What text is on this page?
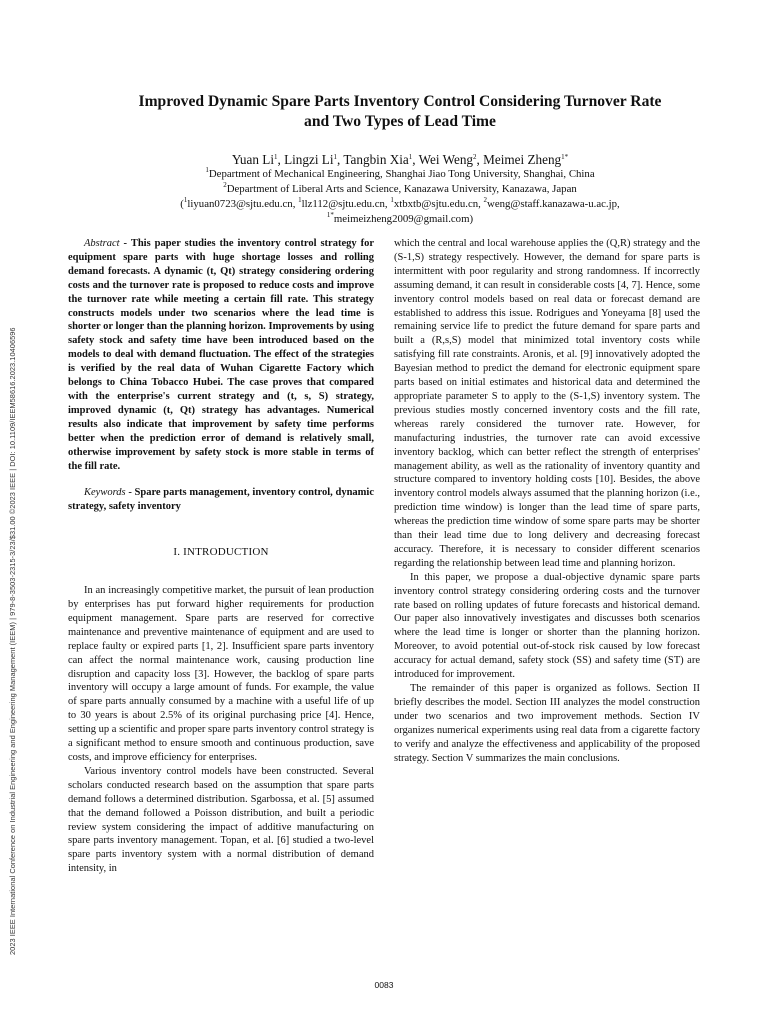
2023 IEEE International Conference on Industrial Engineering and Engineering Management (IEEM) | 979-8-3503-2315-3/23/$31.00 ©2023 IEEE | DOI: 10.1109/IEEM58616.2023.10406596
Improved Dynamic Spare Parts Inventory Control Considering Turnover Rate
and Two Types of Lead Time
Yuan Li$^1$, Lingzi Li$^1$, Tangbin Xia$^1$, Wei Weng$^2$, Meimei Zheng$^{1*}$
$^1$Department of Mechanical Engineering, Shanghai Jiao Tong University, Shanghai, China
$^2$Department of Liberal Arts and Science, Kanazawa University, Kanazawa, Japan
($^1$liyuan0723@sjtu.edu.cn, $^1$llz112@sjtu.edu.cn, $^1$xtbxtb@sjtu.edu.cn, $^2$weng@staff.kanazawa-u.ac.jp,
$^{1*}$meimeizheng2009@gmail.com)

Abstract - This paper studies the inventory control strategy for equipment spare parts with huge shortage losses and rolling demand forecasts. A dynamic (t, Qt) strategy considering ordering costs and the turnover rate is proposed to reduce costs and improve the turnover rate while meeting a certain fill rate. This strategy constructs models under two scenarios where the lead time is shorter or longer than the planning horizon. Improvements by using safety stock and safety time have been introduced based on the models to deal with demand fluctuation. The effect of the strategies is verified by the real data of Wuhan Cigarette Factory which belongs to China Tobacco Hubei. The case proves that compared with the enterprise's current strategy and (t, s, S) strategy, improved dynamic (t, Qt) strategy has advantages. Numerical results also indicate that improvement by safety time performs better when the prediction error of demand is relatively small, otherwise improvement by safety stock is more stable in terms of the fill rate.

Keywords - Spare parts management, inventory control, dynamic strategy, safety inventory

I. INTRODUCTION

In an increasingly competitive market, the pursuit of lean production by enterprises has put forward higher requirements for production equipment management. Spare parts are reserved for corrective maintenance and preventive maintenance of equipment and are used to replace faulty or expired parts [1, 2]. Insufficient spare parts inventory can affect the normal maintenance work, causing production line disruption and capacity loss [3]. However, the backlog of spare parts inventory will occupy a large amount of funds. For example, the value of spare parts annually consumed by a machine with a useful life of up to 30 years is about 2.5% of its original purchasing price [4]. Hence, setting up a scientific and proper spare parts inventory control strategy is a significant method to ensure smooth and continuous production, save costs, and improve efficiency for enterprises.

Various inventory control models have been constructed. Several scholars conducted research based on the assumption that spare parts demand follows a determined distribution. Sgarbossa, et al. [5] assumed that the demand followed a Poisson distribution, and built a periodic review system considering the impact of additive manufacturing on spare parts inventory management. Topan, et al. [6] studied a two-level spare parts inventory system with a normal distribution of demand intensity, in

which the central and local warehouse applies the (Q,R) strategy and the (S-1,S) strategy respectively. However, the demand for spare parts is intermittent with poor regularity and strong randomness. If incorrectly assuming demand, it can result in considerable costs [4, 7]. Hence, some inventory control models based on real data or forecast demand are established to address this issue. Rodrigues and Yoneyama [8] used the remaining service life to predict the future demand for spare parts and built a (R,s,S) model that minimized total inventory costs while satisfying fill rate constraints. Aronis, et al. [9] innovatively adopted the Bayesian method to predict the demand for electronic equipment spare parts based on initial estimates and historical data and determined the appropriate parameter S to apply to the (S-1,S) inventory system. The previous studies mostly concerned inventory costs and the fill rate, whereas rarely considered the turnover rate. However, for manufacturing industries, the turnover rate can avoid excessive inventory backlog, which can better reflect the strength of enterprises' management ability, as well as the rationality of inventory quantity and structure compared to inventory holding costs [10]. Besides, the above inventory control models always assumed that the planning horizon (i.e., prediction time window) is longer than the lead time of spare parts, whereas the prediction time window of some spare parts may be shorter than their lead time due to long delivery and decreasing forecast accuracy. Therefore, it is necessary to consider different scenarios regarding the relationship between lead time and planning horizon.

In this paper, we propose a dual-objective dynamic spare parts inventory control strategy considering ordering costs and the turnover rate based on rolling updates of future forecasts and historical demand. Our paper also innovatively investigates and discusses both scenarios where the lead time is longer or shorter than the planning horizon. Moreover, to avoid potential out-of-stock risk caused by low forecast accuracy for actual demand, safety stock (SS) and safety time (ST) are introduced for improvement.

The remainder of this paper is organized as follows. Section II briefly describes the model. Section III analyzes the model construction under two scenarios and two improvement methods. Section IV organizes numerical experiments using real data from a cigarette factory to verify and analyze the effectiveness and applicability of the proposed strategy. Section V summarizes the main conclusions.

0083
